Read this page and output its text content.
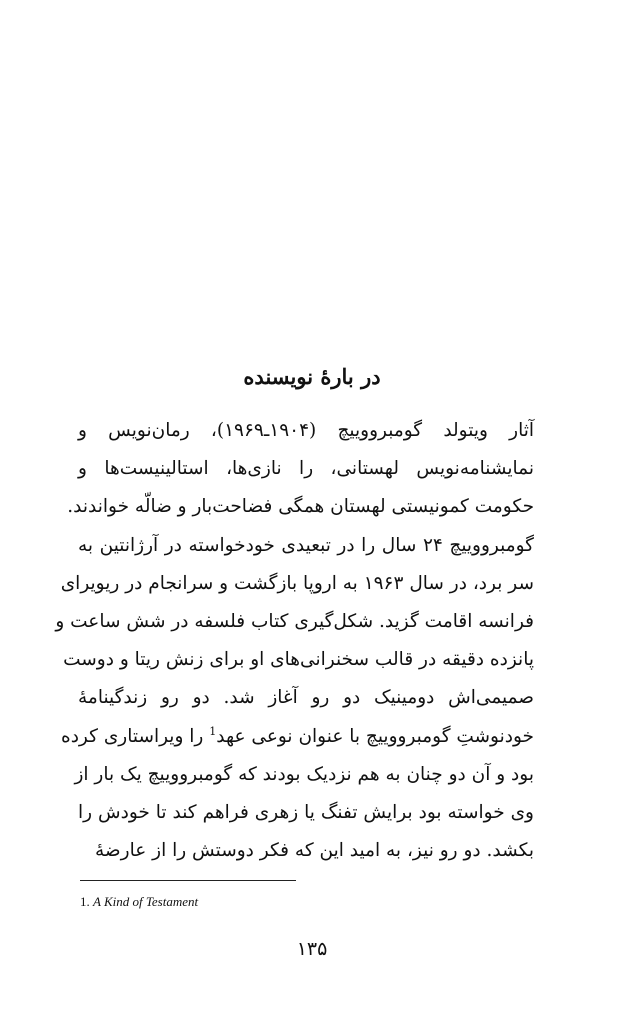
در بارهٔ نویسنده
آثار ویتولد گومبرووییچ (۱۹۰۴ـ۱۹۶۹)، رمان‌نویس و
نمایشنامه‌نویس لهستانی، را نازی‌ها، استالینیست‌ها و
حکومت کمونیستی لهستان همگی فضاحت‌بار و ضالّه خواندند.
گومبرووییچ ۲۴ سال را در تبعیدی خودخواسته در آرژانتین به
سر برد، در سال ۱۹۶۳ به اروپا بازگشت و سرانجام در ریویرای
فرانسه اقامت گزید. شکل‌گیری کتاب فلسفه در شش ساعت و
پانزده دقیقه در قالب سخنرانی‌های او برای زنش ریتا و دوست
صمیمی‌اش دومینیک دو رو آغاز شد. دو رو زندگینامهٔ
خودنوشتِ گومبرووییچ با عنوان نوعی عهد$^1$ را ویراستاری کرده
بود و آن دو چنان به هم نزدیک بودند که گومبرووییچ یک بار از
وی خواسته بود برایش تفنگ یا زهری فراهم کند تا خودش را
بکشد. دو رو نیز، به امید این که فکر دوستش را از عارضهٔ
1. A Kind of Testament
۱۳۵
